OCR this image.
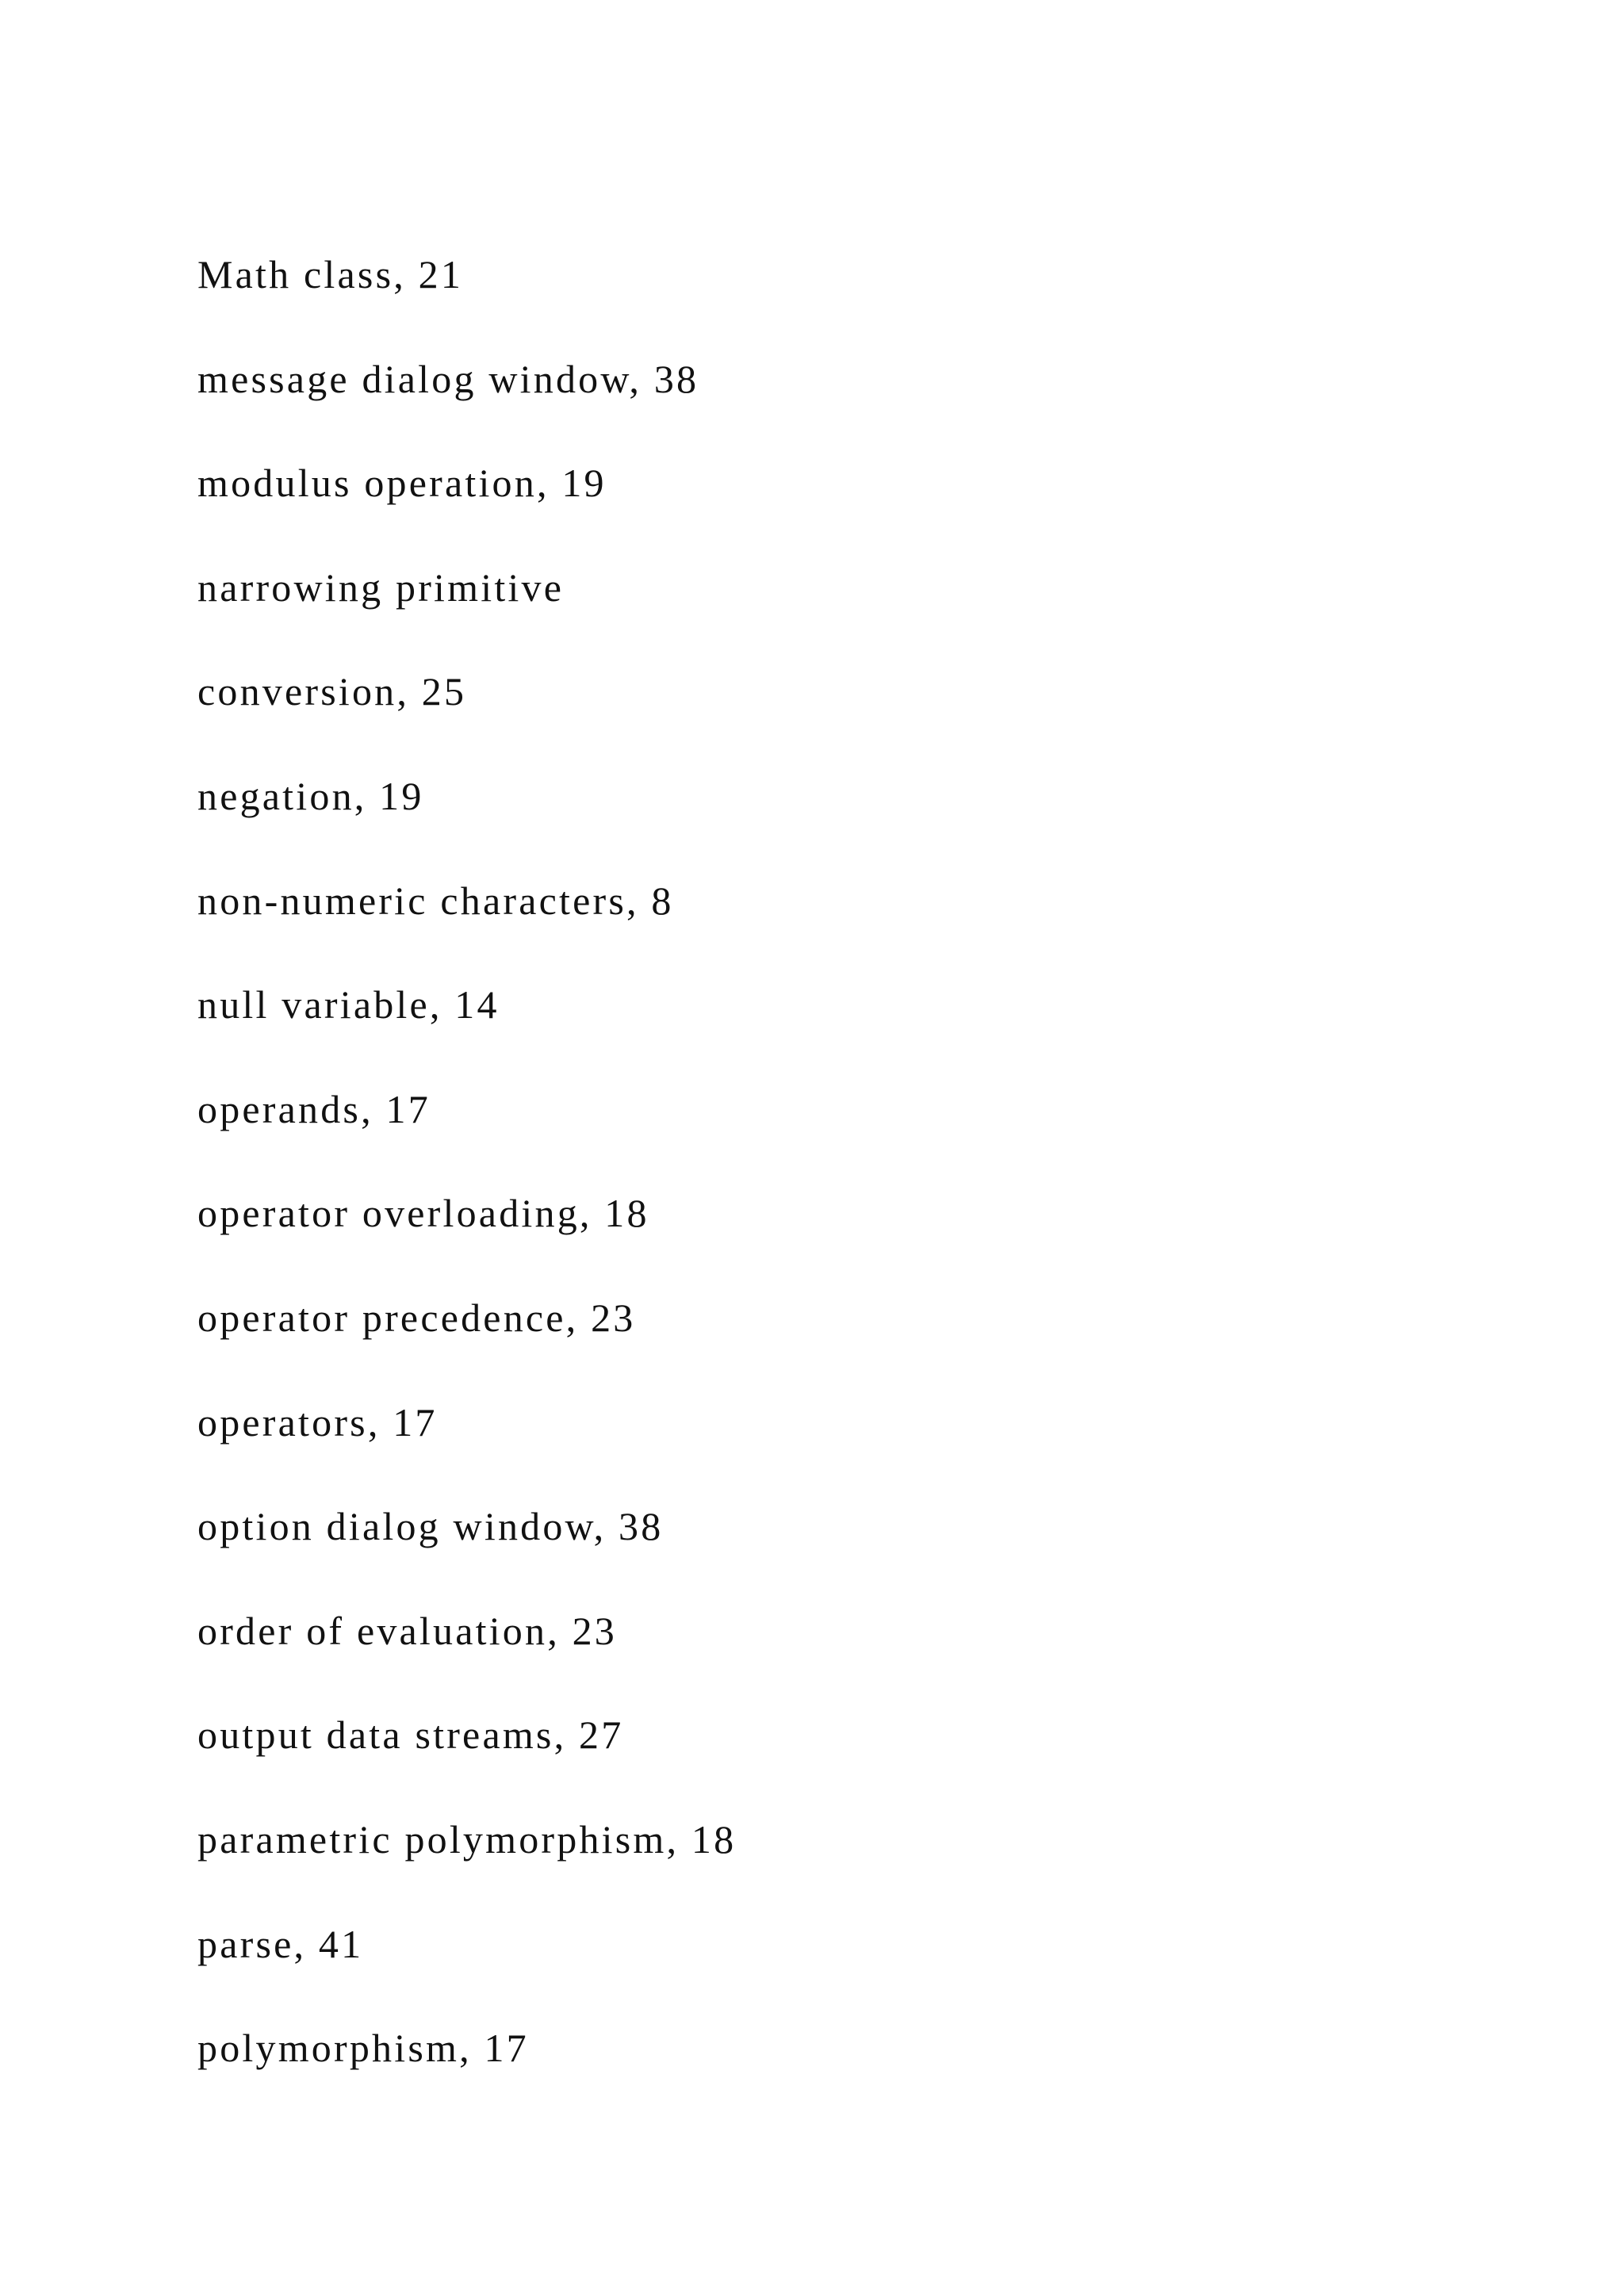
Math class, 21
message dialog window, 38
modulus operation, 19
narrowing primitive
conversion, 25
negation, 19
non-numeric characters, 8
null variable, 14
operands, 17
operator overloading, 18
operator precedence, 23
operators, 17
option dialog window, 38
order of evaluation, 23
output data streams, 27
parametric polymorphism, 18
parse, 41
polymorphism, 17
